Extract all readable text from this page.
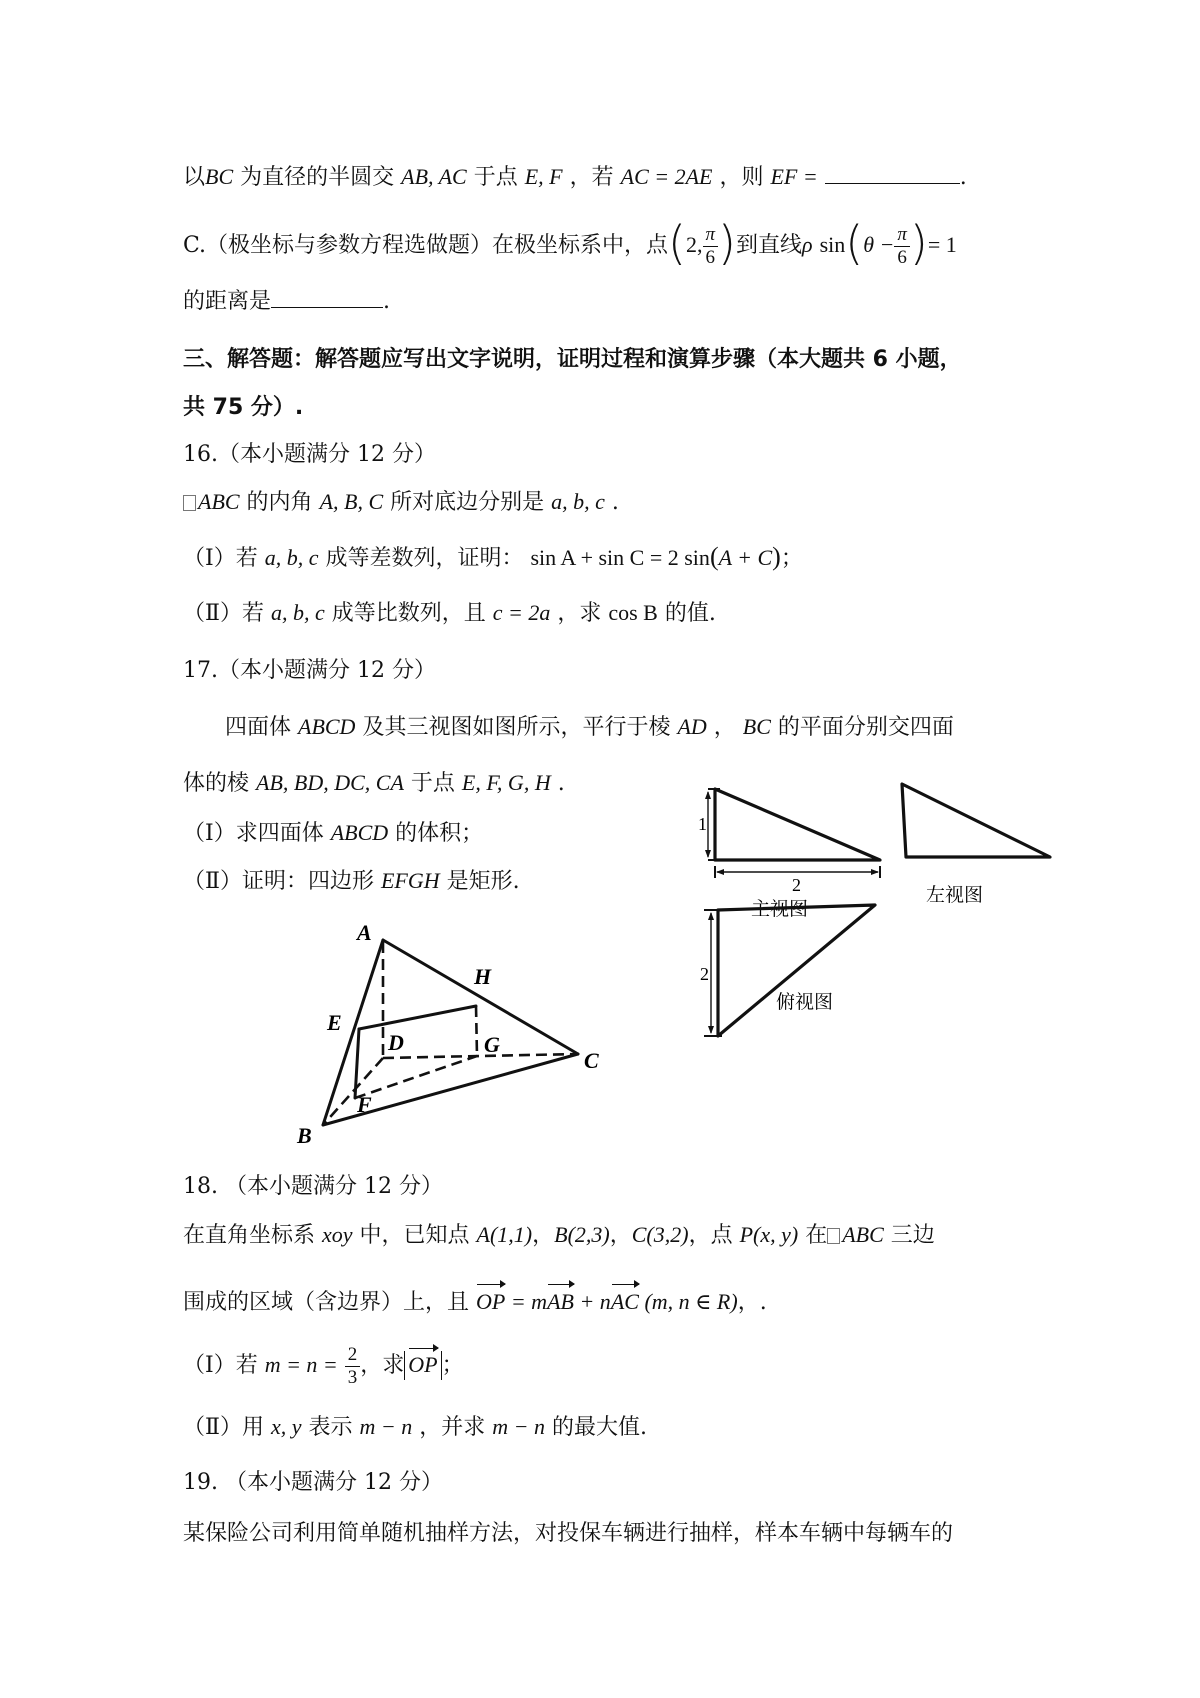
以BC 为直径的半圆交 AB, AC 于点 E, F ，若 AC = 2AE ，则 EF =	.
C.（极坐标与参数方程选做题）在极坐标系中，点(2, $\frac{\pi}{6}$ )到直线ρ $\sin(\theta - \frac{\pi}{6}$ )= 1
的距离是	.
三、解答题：解答题应写出文字说明，证明过程和演算步骤（本大题共 6 小题，
共 75 分）.
16.（本小题满分 12 分）
ABC 的内角 A, B, C 所对底边分别是 a, b, c .
（Ⅰ）若 a, b, c 成等差数列，证明： sin A + sin C = 2 sin(A + C)；
（Ⅱ）若 a, b, c 成等比数列，且 c = 2a ，求 cos B 的值.
17.（本小题满分 12 分）
四面体 ABCD 及其三视图如图所示，平行于棱 AD ， BC 的平面分别交四面
体的棱 AB, BD, DC, CA 于点 E, F, G, H .
（Ⅰ）求四面体 ABCD 的体积；
（Ⅱ）证明：四边形 EFGH 是矩形.
A
B
C
D
E
F
G
H
1
2
主视图
左视图
2
俯视图
18. （本小题满分 12 分）
在直角坐标系 xoy 中，已知点 A(1,1)，B(2,3)，C(3,2)，点 P(x, y) 在 ABC 三边
围成的区域（含边界）上，且 OP = mAB + nAC (m, n ∈ R)，.
（Ⅰ）若 $m = n = \frac{2}{3}$ ，求 OP ；
（Ⅱ）用 x, y 表示 m − n ，并求 m − n 的最大值.
19. （本小题满分 12 分）
某保险公司利用简单随机抽样方法，对投保车辆进行抽样，样本车辆中每辆车的
